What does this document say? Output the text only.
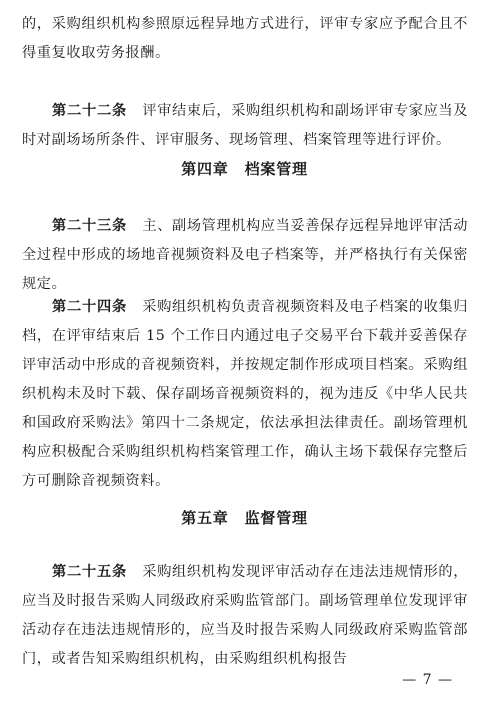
的，采购组织机构参照原远程异地方式进行，评审专家应予配合且不得重复收取劳务报酬。

第二十二条 评审结束后，采购组织机构和副场评审专家应当及时对副场场所条件、评审服务、现场管理、档案管理等进行评价。

第四章 档案管理

第二十三条 主、副场管理机构应当妥善保存远程异地评审活动全过程中形成的场地音视频资料及电子档案等，并严格执行有关保密规定。

第二十四条 采购组织机构负责音视频资料及电子档案的收集归档，在评审结束后 15 个工作日内通过电子交易平台下载并妥善保存评审活动中形成的音视频资料，并按规定制作形成项目档案。采购组织机构未及时下载、保存副场音视频资料的，视为违反《中华人民共和国政府采购法》第四十二条规定，依法承担法律责任。副场管理机构应积极配合采购组织机构档案管理工作，确认主场下载保存完整后方可删除音视频资料。

第五章 监督管理

第二十五条 采购组织机构发现评审活动存在违法违规情形的，应当及时报告采购人同级政府采购监管部门。副场管理单位发现评审活动存在违法违规情形的，应当及时报告采购人同级政府采购监管部门，或者告知采购组织机构，由采购组织机构报告

— 7 —
